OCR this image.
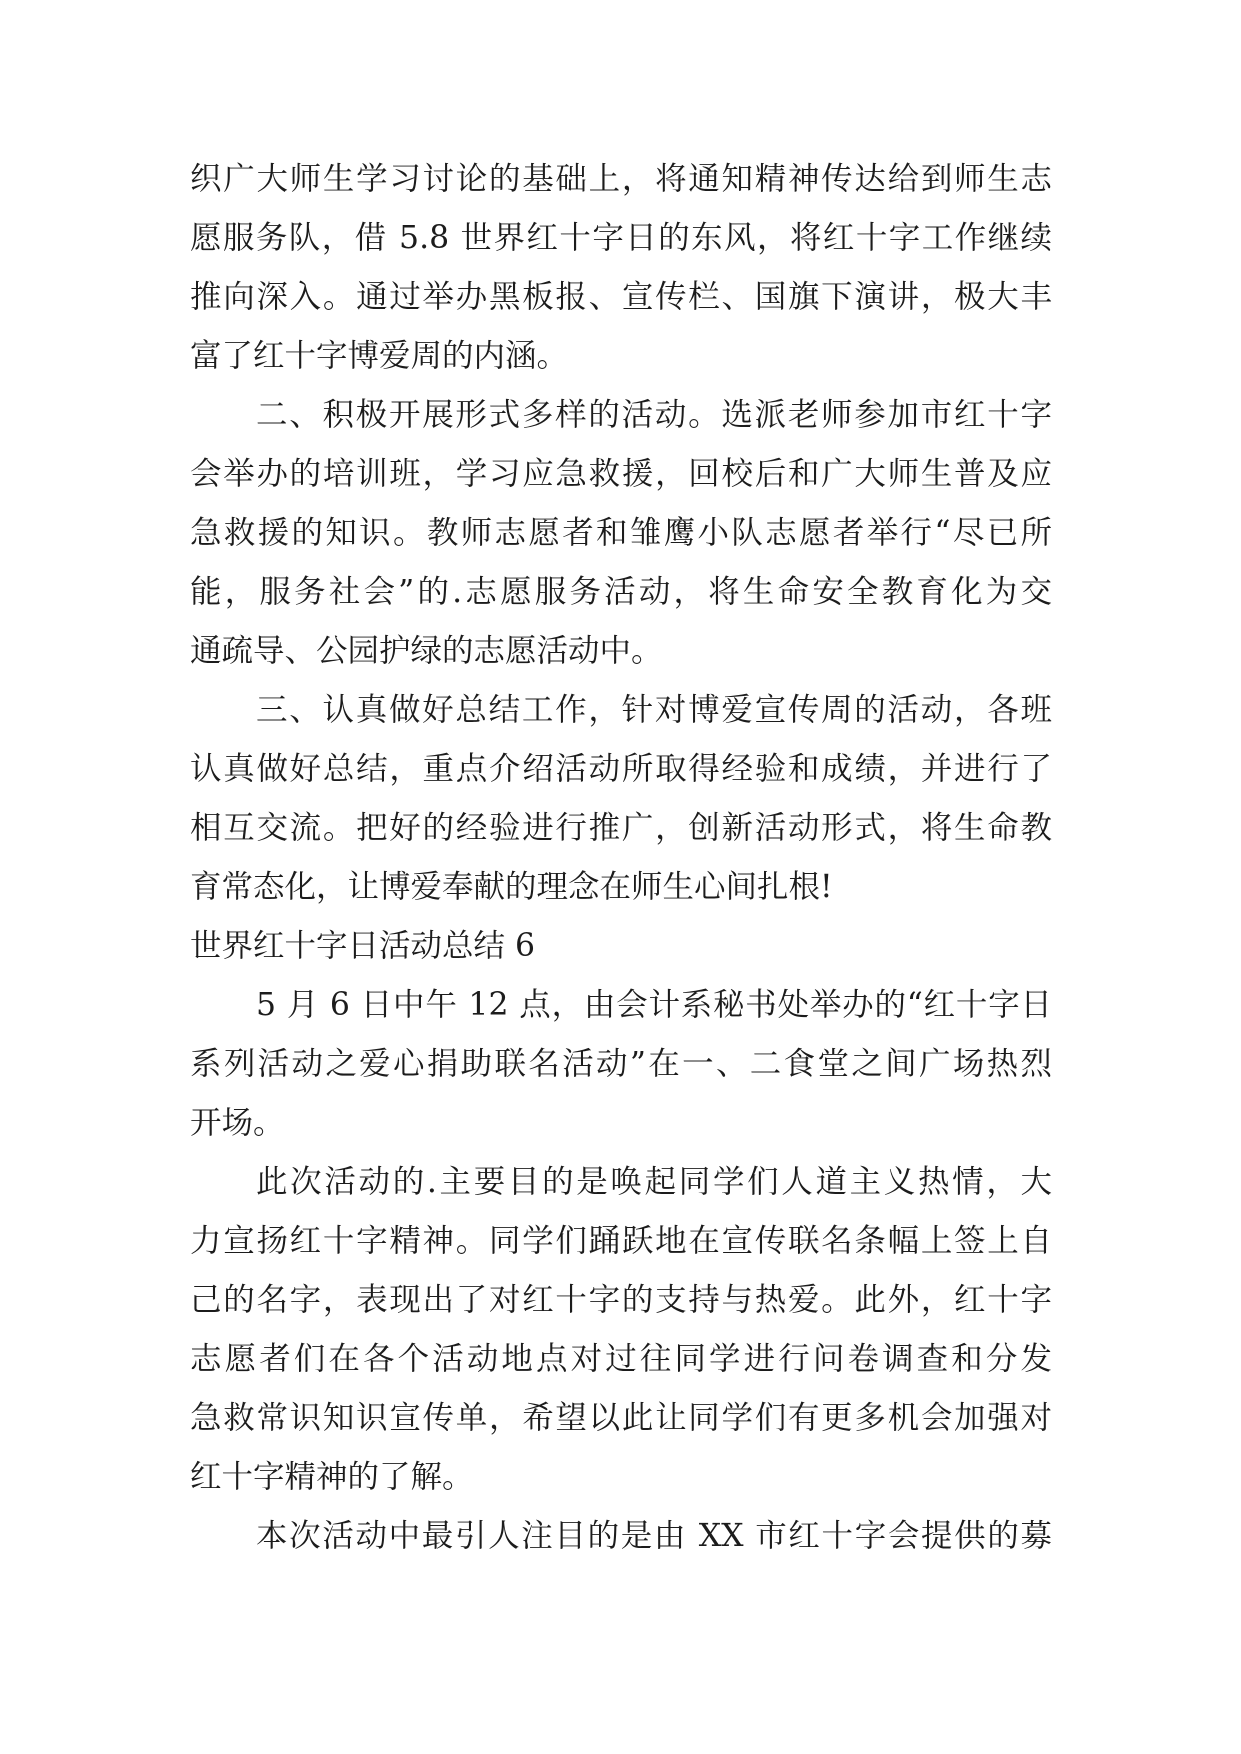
织广大师生学习讨论的基础上，将通知精神传达给到师生志
愿服务队，借 5.8 世界红十字日的东风，将红十字工作继续
推向深入。通过举办黑板报、宣传栏、国旗下演讲，极大丰
富了红十字博爱周的内涵。
二、积极开展形式多样的活动。选派老师参加市红十字
会举办的培训班，学习应急救援，回校后和广大师生普及应
急救援的知识。教师志愿者和雏鹰小队志愿者举行“尽已所
能，服务社会”的.志愿服务活动，将生命安全教育化为交
通疏导、公园护绿的志愿活动中。
三、认真做好总结工作，针对博爱宣传周的活动，各班
认真做好总结，重点介绍活动所取得经验和成绩，并进行了
相互交流。把好的经验进行推广，创新活动形式，将生命教
育常态化，让博爱奉献的理念在师生心间扎根!
世界红十字日活动总结 6
5 月 6 日中午 12 点，由会计系秘书处举办的“红十字日
系列活动之爱心捐助联名活动”在一、二食堂之间广场热烈
开场。
此次活动的.主要目的是唤起同学们人道主义热情，大
力宣扬红十字精神。同学们踊跃地在宣传联名条幅上签上自
己的名字，表现出了对红十字的支持与热爱。此外，红十字
志愿者们在各个活动地点对过往同学进行问卷调查和分发
急救常识知识宣传单，希望以此让同学们有更多机会加强对
红十字精神的了解。
本次活动中最引人注目的是由 XX 市红十字会提供的募
